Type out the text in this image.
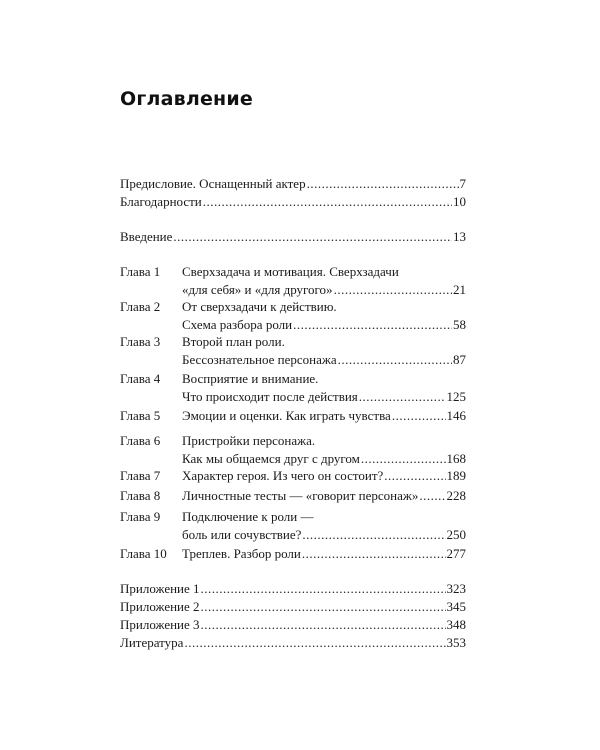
Оглавление
Предисловие. Оснащенный актер .....	7
Благодарности .....	10
Введение .....	13
Глава 1 Сверхзадача и мотивация. Сверхзадачи
«для себя» и «для другого» .....	21
Глава 2 От сверхзадачи к действию.
Схема разбора роли .....	58
Глава 3 Второй план роли.
Бессознательное персонажа .....	87
Глава 4 Восприятие и внимание.
Что происходит после действия .....	125
Глава 5 Эмоции и оценки. Как играть чувства .....	146
Глава 6 Пристройки персонажа.
Как мы общаемся друг с другом .....	168
Глава 7 Характер героя. Из чего он состоит? .....	189
Глава 8 Личностные тесты — «говорит персонаж» ..... 228
Глава 9 Подключение к роли —
боль или сочувствие? .....	250
Глава 10 Треплев. Разбор роли .....	277
Приложение 1 .....	323
Приложение 2 .....	345
Приложение 3 .....	348
Литература .....	353
